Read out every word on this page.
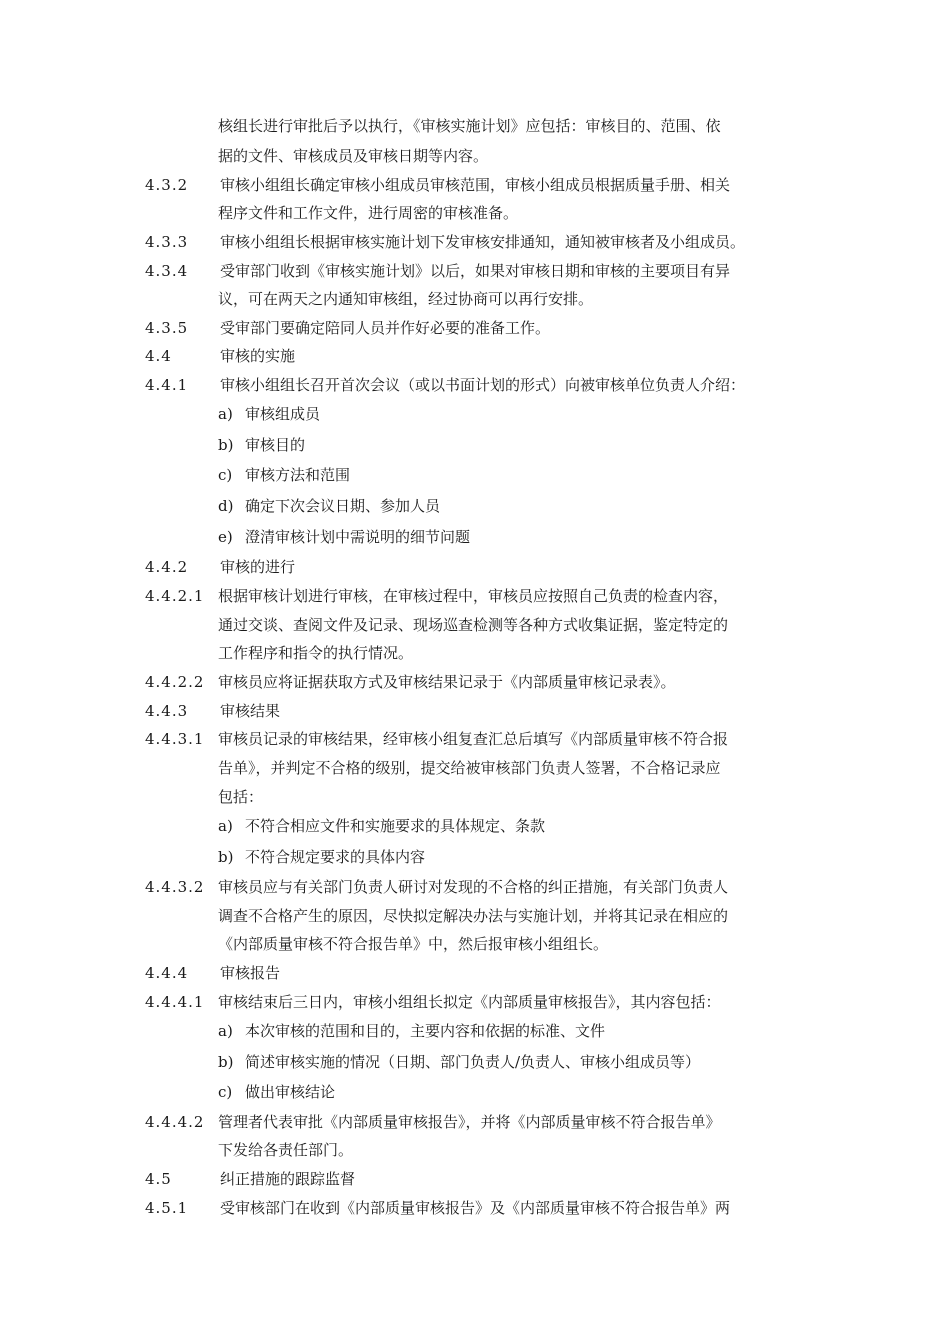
核组长进行审批后予以执行，《审核实施计划》应包括：审核目的、范围、依
据的文件、审核成员及审核日期等内容。
4.3.2 审核小组组长确定审核小组成员审核范围，审核小组成员根据质量手册、相关
程序文件和工作文件，进行周密的审核准备。
4.3.3 审核小组组长根据审核实施计划下发审核安排通知，通知被审核者及小组成员。
4.3.4 受审部门收到《审核实施计划》以后，如果对审核日期和审核的主要项目有异
议，可在两天之内通知审核组，经过协商可以再行安排。
4.3.5 受审部门要确定陪同人员并作好必要的准备工作。
4.4	审核的实施
4.4.1 审核小组组长召开首次会议（或以书面计划的形式）向被审核单位负责人介绍：
a) 审核组成员
b) 审核目的
c) 审核方法和范围
d) 确定下次会议日期、参加人员
e) 澄清审核计划中需说明的细节问题
4.4.2 审核的进行
4.4.2.1 根据审核计划进行审核，在审核过程中，审核员应按照自己负责的检查内容，
通过交谈、查阅文件及记录、现场巡查检测等各种方式收集证据，鉴定特定的
工作程序和指令的执行情况。
4.4.2.2 审核员应将证据获取方式及审核结果记录于《内部质量审核记录表》。
4.4.3 审核结果
4.4.3.1 审核员记录的审核结果，经审核小组复查汇总后填写《内部质量审核不符合报
告单》，并判定不合格的级别，提交给被审核部门负责人签署，不合格记录应
包括：
a) 不符合相应文件和实施要求的具体规定、条款
b) 不符合规定要求的具体内容
4.4.3.2 审核员应与有关部门负责人研讨对发现的不合格的纠正措施，有关部门负责人
调查不合格产生的原因，尽快拟定解决办法与实施计划，并将其记录在相应的
《内部质量审核不符合报告单》中，然后报审核小组组长。
4.4.4 审核报告
4.4.4.1 审核结束后三日内，审核小组组长拟定《内部质量审核报告》，其内容包括：
a) 本次审核的范围和目的，主要内容和依据的标准、文件
b) 简述审核实施的情况（日期、部门负责人/负责人、审核小组成员等）
c) 做出审核结论
4.4.4.2 管理者代表审批《内部质量审核报告》，并将《内部质量审核不符合报告单》
下发给各责任部门。
4.5	纠正措施的跟踪监督
4.5.1 受审核部门在收到《内部质量审核报告》及《内部质量审核不符合报告单》两
